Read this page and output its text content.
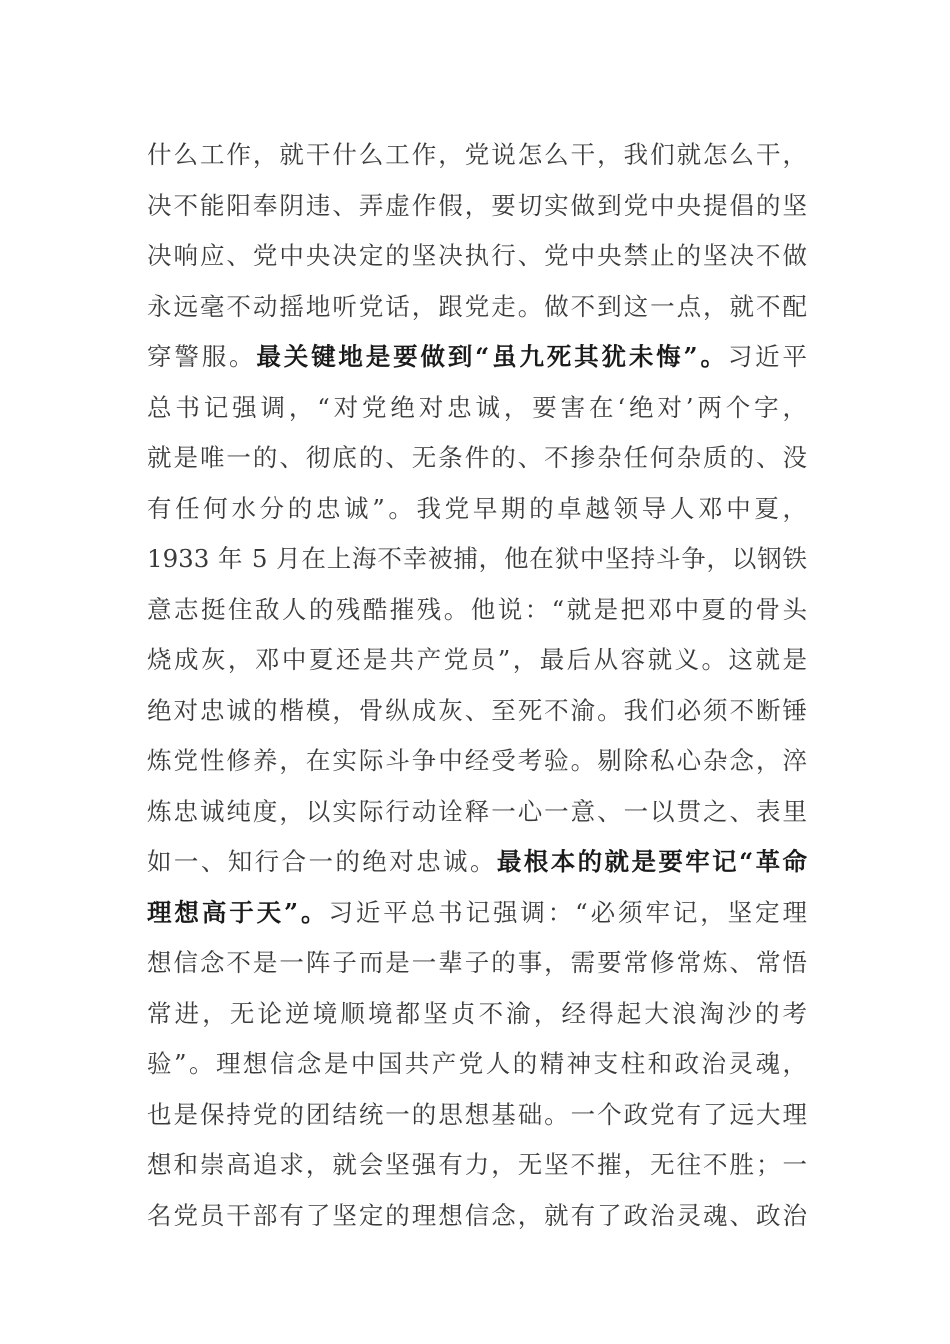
什么工作，就干什么工作，党说怎么干，我们就怎么干，
决不能阳奉阴违、弄虚作假，要切实做到党中央提倡的坚
决响应、党中央决定的坚决执行、党中央禁止的坚决不做
永远毫不动摇地听党话，跟党走。做不到这一点，就不配
穿警服。最关键地是要做到“虽九死其犹未悔”。习近平
总书记强调，“对党绝对忠诚，要害在‘绝对’两个字，
就是唯一的、彻底的、无条件的、不掺杂任何杂质的、没
有任何水分的忠诚”。我党早期的卓越领导人邓中夏，
1933 年 5 月在上海不幸被捕，他在狱中坚持斗争，以钢铁
意志挺住敌人的残酷摧残。他说：“就是把邓中夏的骨头
烧成灰，邓中夏还是共产党员”，最后从容就义。这就是
绝对忠诚的楷模，骨纵成灰、至死不渝。我们必须不断锤
炼党性修养，在实际斗争中经受考验。剔除私心杂念，淬
炼忠诚纯度，以实际行动诠释一心一意、一以贯之、表里
如一、知行合一的绝对忠诚。最根本的就是要牢记“革命
理想高于天”。习近平总书记强调：“必须牢记，坚定理
想信念不是一阵子而是一辈子的事，需要常修常炼、常悟
常进，无论逆境顺境都坚贞不渝，经得起大浪淘沙的考
验”。理想信念是中国共产党人的精神支柱和政治灵魂，
也是保持党的团结统一的思想基础。一个政党有了远大理
想和崇高追求，就会坚强有力，无坚不摧，无往不胜；一
名党员干部有了坚定的理想信念，就有了政治灵魂、政治
